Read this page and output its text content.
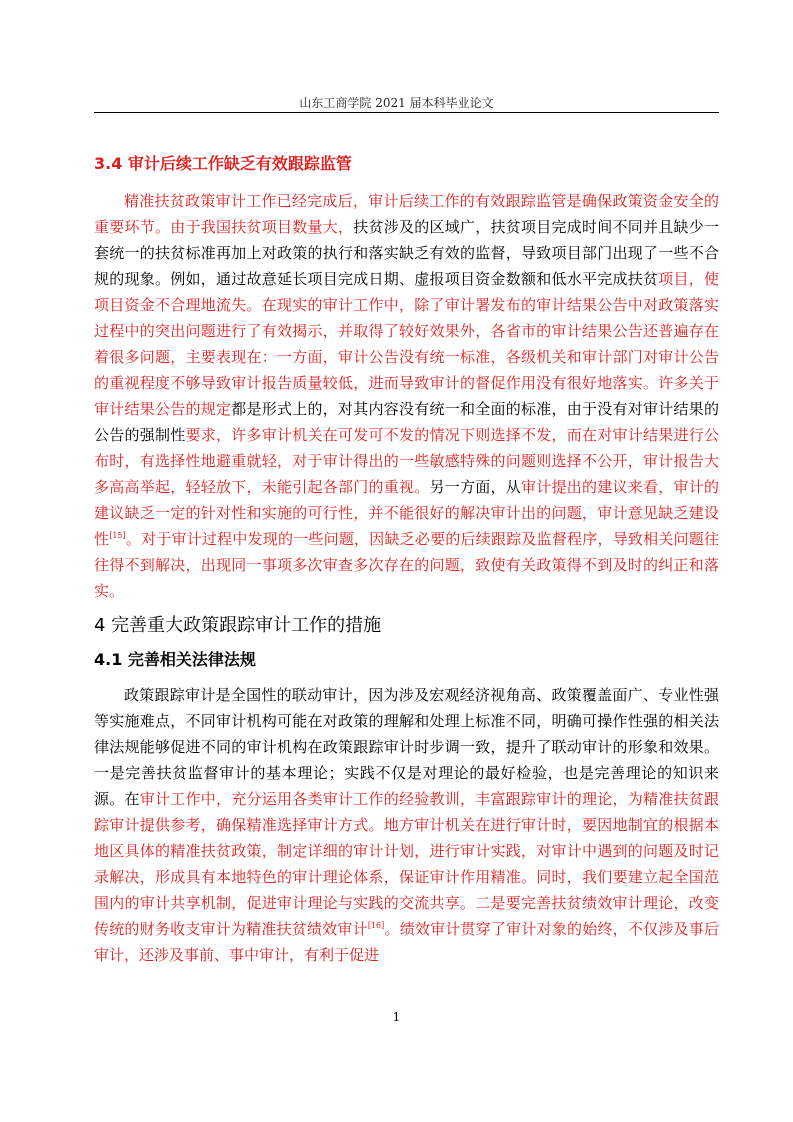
山东工商学院 2021 届本科毕业论文
3.4 审计后续工作缺乏有效跟踪监管

精准扶贫政策审计工作已经完成后，审计后续工作的有效跟踪监管是确保政策资金安全的重要环节。由于我国扶贫项目数量大，扶贫涉及的区域广，扶贫项目完成时间不同并且缺少一套统一的扶贫标准再加上对政策的执行和落实缺乏有效的监督，导致项目部门出现了一些不合规的现象。例如，通过故意延长项目完成日期、虚报项目资金数额和低水平完成扶贫项目，使项目资金不合理地流失。在现实的审计工作中，除了审计署发布的审计结果公告中对政策落实过程中的突出问题进行了有效揭示，并取得了较好效果外，各省市的审计结果公告还普遍存在着很多问题，主要表现在：一方面，审计公告没有统一标准，各级机关和审计部门对审计公告的重视程度不够导致审计报告质量较低，进而导致审计的督促作用没有很好地落实。许多关于审计结果公告的规定都是形式上的，对其内容没有统一和全面的标准，由于没有对审计结果的公告的强制性要求，许多审计机关在可发可不发的情况下则选择不发，而在对审计结果进行公布时，有选择性地避重就轻，对于审计得出的一些敏感特殊的问题则选择不公开，审计报告大多高高举起，轻轻放下，未能引起各部门的重视。另一方面，从审计提出的建议来看，审计的建议缺乏一定的针对性和实施的可行性，并不能很好的解决审计出的问题，审计意见缺乏建设性[15]。对于审计过程中发现的一些问题，因缺乏必要的后续跟踪及监督程序，导致相关问题往往得不到解决，出现同一事项多次审查多次存在的问题，致使有关政策得不到及时的纠正和落实。

4 完善重大政策跟踪审计工作的措施
4.1 完善相关法律法规

政策跟踪审计是全国性的联动审计，因为涉及宏观经济视角高、政策覆盖面广、专业性强等实施难点，不同审计机构可能在对政策的理解和处理上标准不同，明确可操作性强的相关法律法规能够促进不同的审计机构在政策跟踪审计时步调一致，提升了联动审计的形象和效果。一是完善扶贫监督审计的基本理论；实践不仅是对理论的最好检验，也是完善理论的知识来源。在审计工作中，充分运用各类审计工作的经验教训，丰富跟踪审计的理论，为精准扶贫跟踪审计提供参考，确保精准选择审计方式。地方审计机关在进行审计时，要因地制宜的根据本地区具体的精准扶贫政策，制定详细的审计计划，进行审计实践，对审计中遇到的问题及时记录解决，形成具有本地特色的审计理论体系，保证审计作用精准。同时，我们要建立起全国范围内的审计共享机制，促进审计理论与实践的交流共享。二是要完善扶贫绩效审计理论，改变传统的财务收支审计为精准扶贫绩效审计[16]。绩效审计贯穿了审计对象的始终，不仅涉及事后审计，还涉及事前、事中审计，有利于促进

1
